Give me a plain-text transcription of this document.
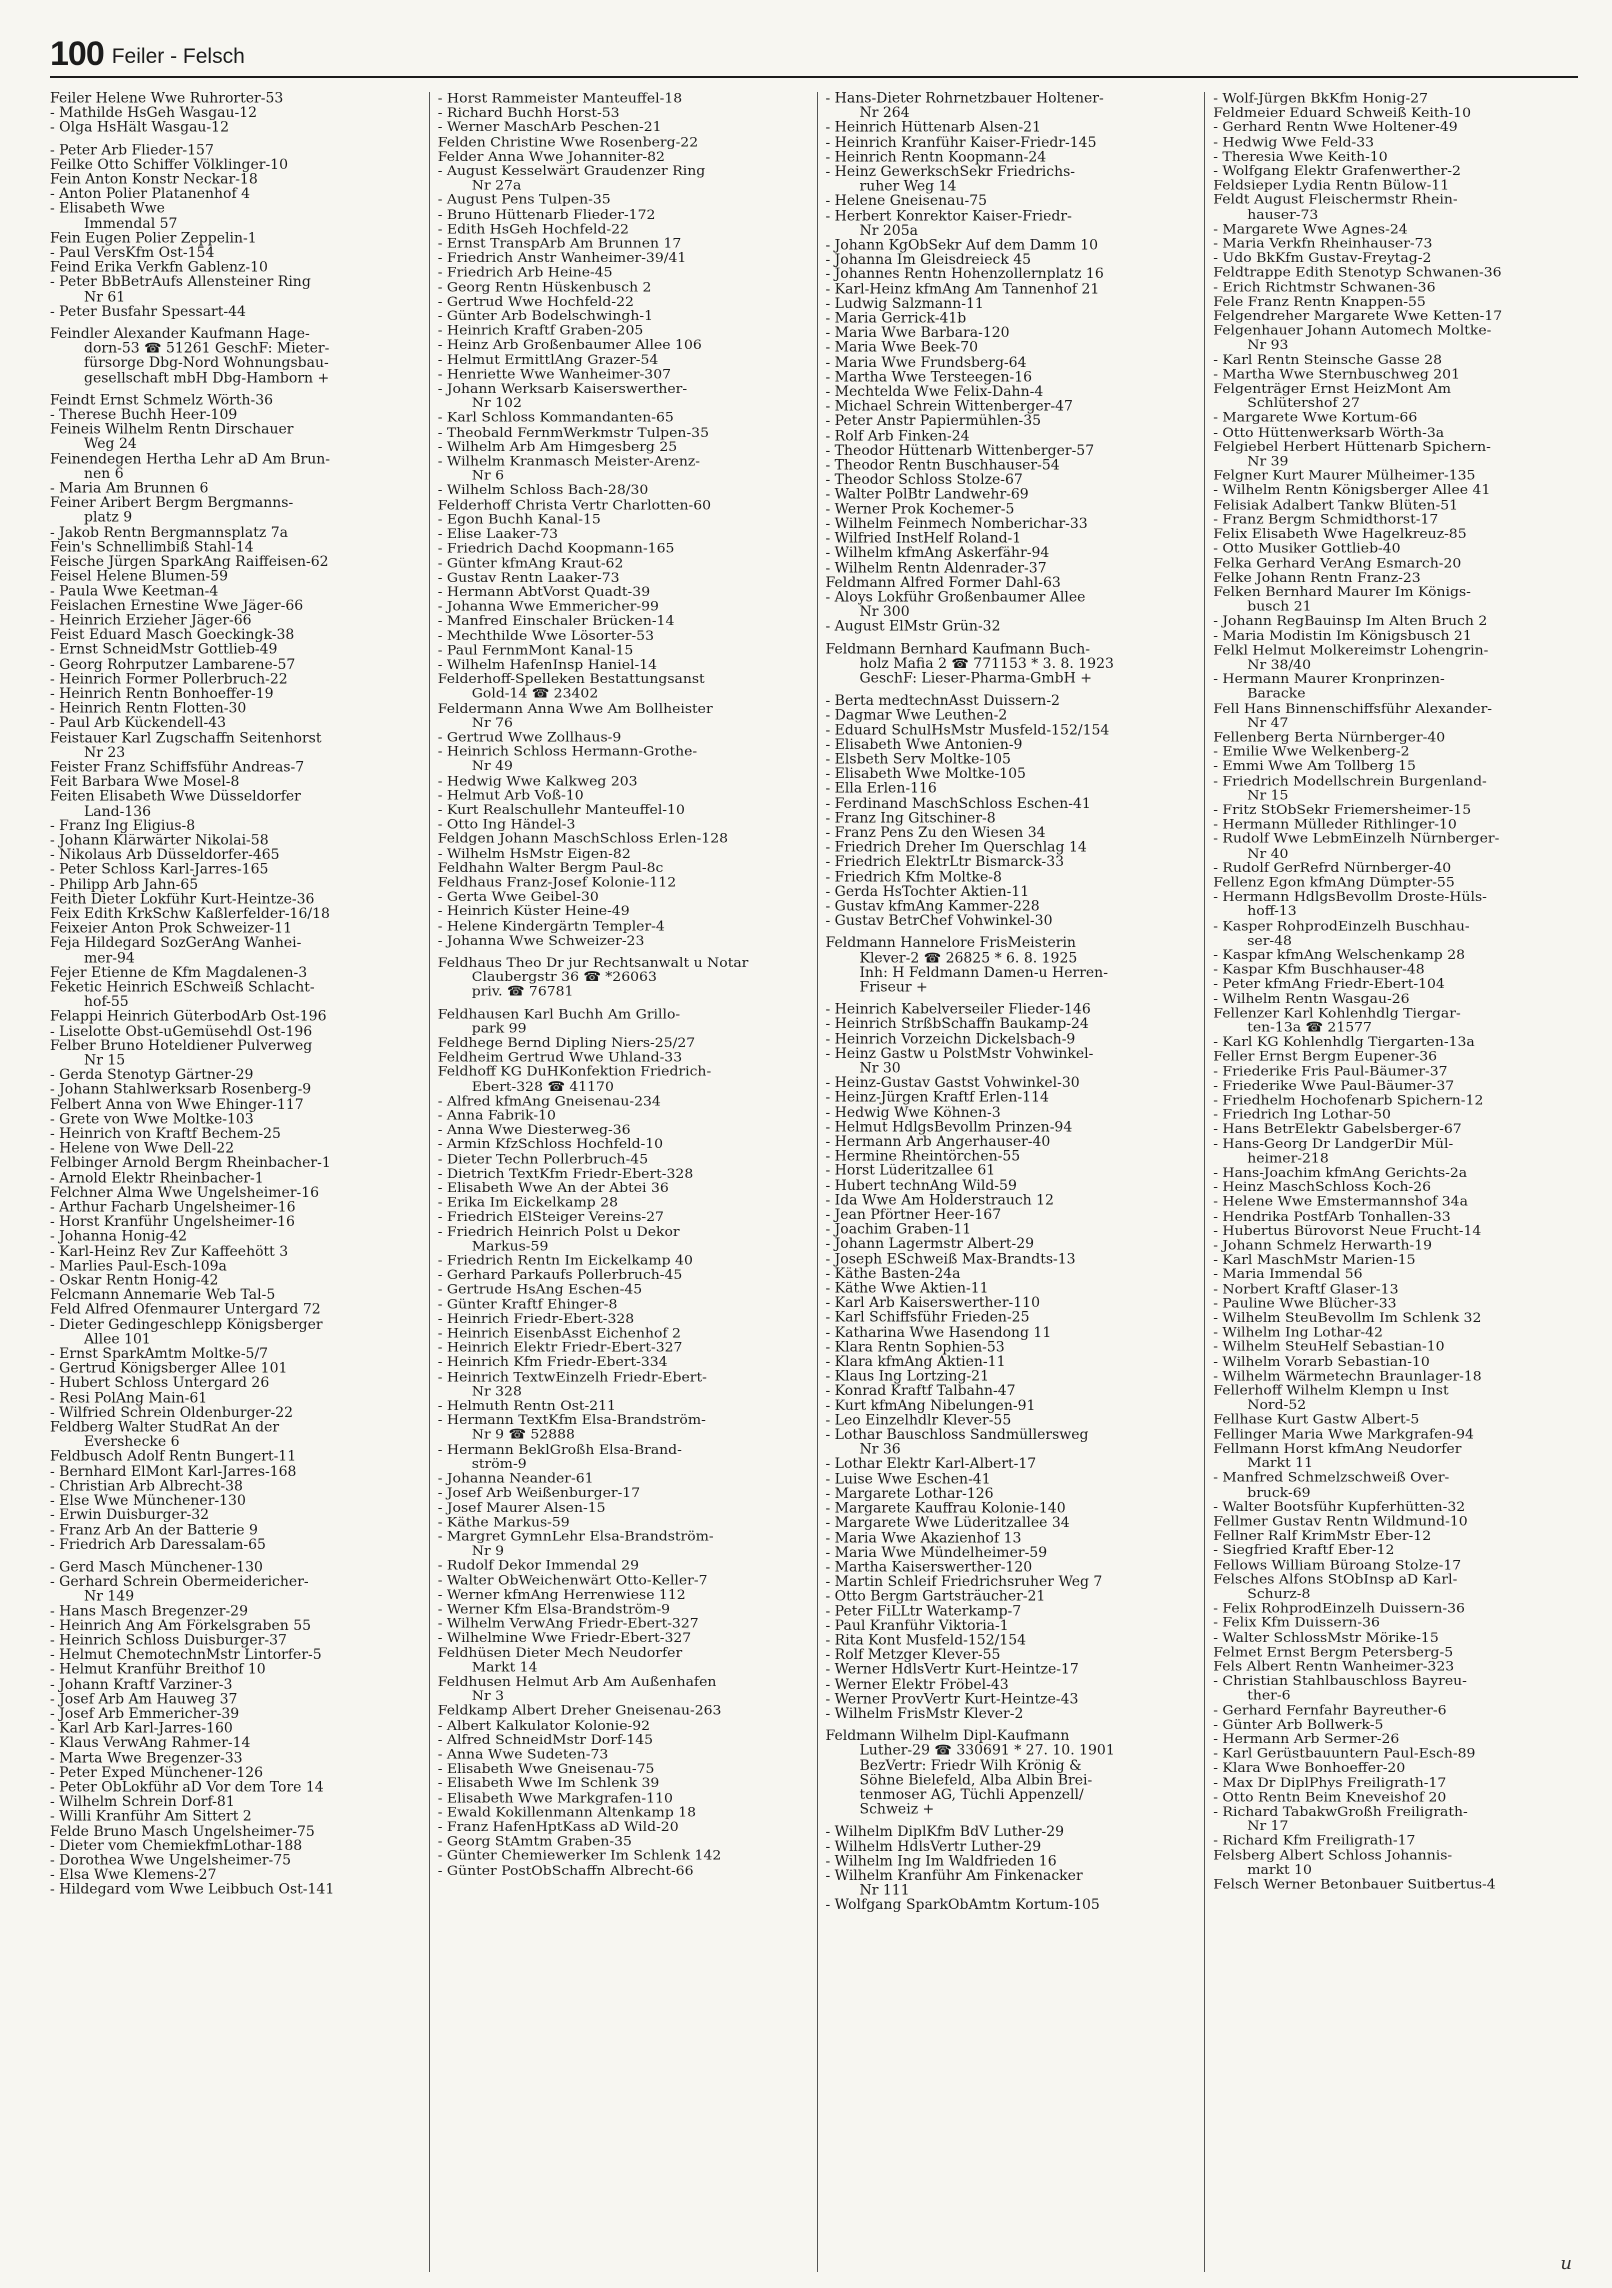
100 Feiler - Felsch
Feiler Helene Wwe Ruhrorter-53
- Mathilde HsGeh Wasgau-12
- Olga HsHält Wasgau-12
- Peter Arb Flieder-157
Feilke Otto Schiffer Völklinger-10
Fein Anton Konstr Neckar-18
- Anton Polier Platanenhof 4
- Elisabeth Wwe
Immendal 57
Fein Eugen Polier Zeppelin-1
- Paul VersKfm Ost-154
Feind Erika Verkfn Gablenz-10
- Peter BbBetrAufs Allensteiner Ring
Nr 61
- Peter Busfahr Spessart-44
Feindler Alexander Kaufmann Hage-
dorn-53 ☎ 51261 GeschF: Mieter-
fürsorge Dbg-Nord Wohnungsbau-
gesellschaft mbH Dbg-Hamborn +
Feindt Ernst Schmelz Wörth-36
- Therese Buchh Heer-109
Feineis Wilhelm Rentn Dirschauer
Weg 24
Feinendegen Hertha Lehr aD Am Brun-
nen 6
- Maria Am Brunnen 6
Feiner Aribert Bergm Bergmanns-
platz 9
- Jakob Rentn Bergmannsplatz 7a
Fein's Schnellimbiß Stahl-14
Feische Jürgen SparkAng Raiffeisen-62
Feisel Helene Blumen-59
- Paula Wwe Keetman-4
Feislachen Ernestine Wwe Jäger-66
- Heinrich Erzieher Jäger-66
Feist Eduard Masch Goeckingk-38
- Ernst SchneidMstr Gottlieb-49
- Georg Rohrputzer Lambarene-57
- Heinrich Former Pollerbruch-22
- Heinrich Rentn Bonhoeffer-19
- Heinrich Rentn Flotten-30
- Paul Arb Kückendell-43
Feistauer Karl Zugschaffn Seitenhorst
Nr 23
Feister Franz Schiffsführ Andreas-7
Feit Barbara Wwe Mosel-8
Feiten Elisabeth Wwe Düsseldorfer
Land-136
- Franz Ing Eligius-8
- Johann Klärwärter Nikolai-58
- Nikolaus Arb Düsseldorfer-465
- Peter Schloss Karl-Jarres-165
- Philipp Arb Jahn-65
Feith Dieter Lokführ Kurt-Heintze-36
Feix Edith KrkSchw Kaßlerfelder-16/18
Feixeier Anton Prok Schweizer-11
Feja Hildegard SozGerAng Wanhei-
mer-94
Fejer Etienne de Kfm Magdalenen-3
Feketic Heinrich ESchweiß Schlacht-
hof-55
Felappi Heinrich GüterbodArb Ost-196
- Liselotte Obst-uGemüsehdl Ost-196
Felber Bruno Hoteldiener Pulverweg
Nr 15
- Gerda Stenotyp Gärtner-29
- Johann Stahlwerksarb Rosenberg-9
Felbert Anna von Wwe Ehinger-117
- Grete von Wwe Moltke-103
- Heinrich von Kraftf Bechem-25
- Helene von Wwe Dell-22
Felbinger Arnold Bergm Rheinbacher-1
- Arnold Elektr Rheinbacher-1
Felchner Alma Wwe Ungelsheimer-16
- Arthur Facharb Ungelsheimer-16
- Horst Kranführ Ungelsheimer-16
- Johanna Honig-42
- Karl-Heinz Rev Zur Kaffeehött 3
- Marlies Paul-Esch-109a
- Oskar Rentn Honig-42
Felcmann Annemarie Web Tal-5
Feld Alfred Ofenmaurer Untergard 72
- Dieter Gedingeschlepp Königsberger
Allee 101
- Ernst SparkAmtm Moltke-5/7
- Gertrud Königsberger Allee 101
- Hubert Schloss Untergard 26
- Resi PolAng Main-61
- Wilfried Schrein Oldenburger-22
Feldberg Walter StudRat An der
Evershecke 6
Feldbusch Adolf Rentn Bungert-11
- Bernhard ElMont Karl-Jarres-168
- Christian Arb Albrecht-38
- Else Wwe Münchener-130
- Erwin Duisburger-32
- Franz Arb An der Batterie 9
- Friedrich Arb Daressalam-65
- Gerd Masch Münchener-130
- Gerhard Schrein Obermeidericher-
Nr 149
- Hans Masch Bregenzer-29
- Heinrich Ang Am Förkelsgraben 55
- Heinrich Schloss Duisburger-37
- Helmut ChemotechnMstr Lintorfer-5
- Helmut Kranführ Breithof 10
- Johann Kraftf Varziner-3
- Josef Arb Am Hauweg 37
- Josef Arb Emmericher-39
- Karl Arb Karl-Jarres-160
- Klaus VerwAng Rahmer-14
- Marta Wwe Bregenzer-33
- Peter Exped Münchener-126
- Peter ObLokführ aD Vor dem Tore 14
- Wilhelm Schrein Dorf-81
- Willi Kranführ Am Sittert 2
Felde Bruno Masch Ungelsheimer-75
- Dieter vom ChemiekfmLothar-188
- Dorothea Wwe Ungelsheimer-75
- Elsa Wwe Klemens-27
- Hildegard vom Wwe Leibbuch Ost-141
- Horst Rammeister Manteuffel-18
- Richard Buchh Horst-53
- Werner MaschArb Peschen-21
Felden Christine Wwe Rosenberg-22
Felder Anna Wwe Johanniter-82
- August Kesselwärt Graudenzer Ring
Nr 27a
- August Pens Tulpen-35
- Bruno Hüttenarb Flieder-172
- Edith HsGeh Hochfeld-22
- Ernst TranspArb Am Brunnen 17
- Friedrich Anstr Wanheimer-39/41
- Friedrich Arb Heine-45
- Georg Rentn Hüskenbusch 2
- Gertrud Wwe Hochfeld-22
- Günter Arb Bodelschwingh-1
- Heinrich Kraftf Graben-205
- Heinz Arb Großenbaumer Allee 106
- Helmut ErmittlAng Grazer-54
- Henriette Wwe Wanheimer-307
- Johann Werksarb Kaiserswerther-
Nr 102
- Karl Schloss Kommandanten-65
- Theobald FernmWerkmstr Tulpen-35
- Wilhelm Arb Am Himgesberg 25
- Wilhelm Kranmasch Meister-Arenz-
Nr 6
- Wilhelm Schloss Bach-28/30
Felderhoff Christa Vertr Charlotten-60
- Egon Buchh Kanal-15
- Elise Laaker-73
- Friedrich Dachd Koopmann-165
- Günter kfmAng Kraut-62
- Gustav Rentn Laaker-73
- Hermann AbtVorst Quadt-39
- Johanna Wwe Emmericher-99
- Manfred Einschaler Brücken-14
- Mechthilde Wwe Lösorter-53
- Paul FernmMont Kanal-15
- Wilhelm HafenInsp Haniel-14
Felderhoff-Spelleken Bestattungsanst
Gold-14 ☎ 23402
Feldermann Anna Wwe Am Bollheister
Nr 76
- Gertrud Wwe Zollhaus-9
- Heinrich Schloss Hermann-Grothe-
Nr 49
- Hedwig Wwe Kalkweg 203
- Helmut Arb Voß-10
- Kurt Realschullehr Manteuffel-10
- Otto Ing Händel-3
Feldgen Johann MaschSchloss Erlen-128
- Wilhelm HsMstr Eigen-82
Feldhahn Walter Bergm Paul-8c
Feldhaus Franz-Josef Kolonie-112
- Gerta Wwe Geibel-30
- Heinrich Küster Heine-49
- Helene Kindergärtn Templer-4
- Johanna Wwe Schweizer-23
Feldhaus Theo Dr jur Rechtsanwalt u Notar
Claubergstr 36 ☎ *26063
priv. ☎ 76781
Feldhausen Karl Buchh Am Grillo-
park 99
Feldhege Bernd Dipling Niers-25/27
Feldheim Gertrud Wwe Uhland-33
Feldhoff KG DuHKonfektion Friedrich-
Ebert-328 ☎ 41170
- Alfred kfmAng Gneisenau-234
- Anna Fabrik-10
- Anna Wwe Diesterweg-36
- Armin KfzSchloss Hochfeld-10
- Dieter Techn Pollerbruch-45
- Dietrich TextKfm Friedr-Ebert-328
- Elisabeth Wwe An der Abtei 36
- Erika Im Eickelkamp 28
- Friedrich ElSteiger Vereins-27
- Friedrich Heinrich Polst u Dekor
Markus-59
- Friedrich Rentn Im Eickelkamp 40
- Gerhard Parkaufs Pollerbruch-45
- Gertrude HsAng Eschen-45
- Günter Kraftf Ehinger-8
- Heinrich Friedr-Ebert-328
- Heinrich EisenbAsst Eichenhof 2
- Heinrich Elektr Friedr-Ebert-327
- Heinrich Kfm Friedr-Ebert-334
- Heinrich TextwEinzelh Friedr-Ebert-
Nr 328
- Helmuth Rentn Ost-211
- Hermann TextKfm Elsa-Brandström-
Nr 9 ☎ 52888
- Hermann BeklGroßh Elsa-Brand-
ström-9
- Johanna Neander-61
- Josef Arb Weißenburger-17
- Josef Maurer Alsen-15
- Käthe Markus-59
- Margret GymnLehr Elsa-Brandström-
Nr 9
- Rudolf Dekor Immendal 29
- Walter ObWeichenwärt Otto-Keller-7
- Werner kfmAng Herrenwiese 112
- Werner Kfm Elsa-Brandström-9
- Wilhelm VerwAng Friedr-Ebert-327
- Wilhelmine Wwe Friedr-Ebert-327
Feldhüsen Dieter Mech Neudorfer
Markt 14
Feldhusen Helmut Arb Am Außenhafen
Nr 3
Feldkamp Albert Dreher Gneisenau-263
- Albert Kalkulator Kolonie-92
- Alfred SchneidMstr Dorf-145
- Anna Wwe Sudeten-73
- Elisabeth Wwe Gneisenau-75
- Elisabeth Wwe Im Schlenk 39
- Elisabeth Wwe Markgrafen-110
- Ewald Kokillenmann Altenkamp 18
- Franz HafenHptKass aD Wild-20
- Georg StAmtm Graben-35
- Günter Chemiewerker Im Schlenk 142
- Günter PostObSchaffn Albrecht-66
- Hans-Dieter Rohrnetzbauer Holtener-
Nr 264
- Heinrich Hüttenarb Alsen-21
- Heinrich Kranführ Kaiser-Friedr-145
- Heinrich Rentn Koopmann-24
- Heinz GewerkschSekr Friedrichs-
ruher Weg 14
- Helene Gneisenau-75
- Herbert Konrektor Kaiser-Friedr-
Nr 205a
- Johann KgObSekr Auf dem Damm 10
- Johanna Im Gleisdreieck 45
- Johannes Rentn Hohenzollernplatz 16
- Karl-Heinz kfmAng Am Tannenhof 21
- Ludwig Salzmann-11
- Maria Gerrick-41b
- Maria Wwe Barbara-120
- Maria Wwe Beek-70
- Maria Wwe Frundsberg-64
- Martha Wwe Tersteegen-16
- Mechtelda Wwe Felix-Dahn-4
- Michael Schrein Wittenberger-47
- Peter Anstr Papiermühlen-35
- Rolf Arb Finken-24
- Theodor Hüttenarb Wittenberger-57
- Theodor Rentn Buschhauser-54
- Theodor Schloss Stolze-67
- Walter PolBtr Landwehr-69
- Werner Prok Kochemer-5
- Wilhelm Feinmech Nomberichar-33
- Wilfried InstHelf Roland-1
- Wilhelm kfmAng Askerfähr-94
- Wilhelm Rentn Aldenrader-37
Feldmann Alfred Former Dahl-63
- Aloys Lokführ Großenbaumer Allee
Nr 300
- August ElMstr Grün-32
Feldmann Bernhard Kaufmann Buch-
holz Mafia 2 ☎ 771153 * 3. 8. 1923
GeschF: Lieser-Pharma-GmbH +
- Berta medtechnAsst Duissern-2
- Dagmar Wwe Leuthen-2
- Eduard SchulHsMstr Musfeld-152/154
- Elisabeth Wwe Antonien-9
- Elsbeth Serv Moltke-105
- Elisabeth Wwe Moltke-105
- Ella Erlen-116
- Ferdinand MaschSchloss Eschen-41
- Franz Ing Gitschiner-8
- Franz Pens Zu den Wiesen 34
- Friedrich Dreher Im Querschlag 14
- Friedrich ElektrLtr Bismarck-33
- Friedrich Kfm Moltke-8
- Gerda HsTochter Aktien-11
- Gustav kfmAng Kammer-228
- Gustav BetrChef Vohwinkel-30
Feldmann Hannelore FrisMeisterin
Klever-2 ☎ 26825 * 6. 8. 1925
Inh: H Feldmann Damen-u Herren-
Friseur +
- Heinrich Kabelverseiler Flieder-146
- Heinrich StrßbSchaffn Baukamp-24
- Heinrich Vorzeichn Dickelsbach-9
- Heinz Gastw u PolstMstr Vohwinkel-
Nr 30
- Heinz-Gustav Gastst Vohwinkel-30
- Heinz-Jürgen Kraftf Erlen-114
- Hedwig Wwe Köhnen-3
- Helmut HdlgsBevollm Prinzen-94
- Hermann Arb Angerhauser-40
- Hermine Rheintörchen-55
- Horst Lüderitzallee 61
- Hubert technAng Wild-59
- Ida Wwe Am Holderstrauch 12
- Jean Pförtner Heer-167
- Joachim Graben-11
- Johann Lagermstr Albert-29
- Joseph ESchweiß Max-Brandts-13
- Käthe Basten-24a
- Käthe Wwe Aktien-11
- Karl Arb Kaiserswerther-110
- Karl Schiffsführ Frieden-25
- Katharina Wwe Hasendong 11
- Klara Rentn Sophien-53
- Klara kfmAng Aktien-11
- Klaus Ing Lortzing-21
- Konrad Kraftf Talbahn-47
- Kurt kfmAng Nibelungen-91
- Leo Einzelhdlr Klever-55
- Lothar Bauschloss Sandmüllersweg
Nr 36
- Lothar Elektr Karl-Albert-17
- Luise Wwe Eschen-41
- Margarete Lothar-126
- Margarete Kauffrau Kolonie-140
- Margarete Wwe Lüderitzallee 34
- Maria Wwe Akazienhof 13
- Maria Wwe Mündelheimer-59
- Martha Kaiserswerther-120
- Martin Schleif Friedrichsruher Weg 7
- Otto Bergm Gartsträucher-21
- Peter FiLLtr Waterkamp-7
- Paul Kranführ Viktoria-1
- Rita Kont Musfeld-152/154
- Rolf Metzger Klever-55
- Werner HdlsVertr Kurt-Heintze-17
- Werner Elektr Fröbel-43
- Werner ProvVertr Kurt-Heintze-43
- Wilhelm FrisMstr Klever-2
Feldmann Wilhelm Dipl-Kaufmann
Luther-29 ☎ 330691 * 27. 10. 1901
BezVertr: Friedr Wilh Krönig &
Söhne Bielefeld, Alba Albin Brei-
tenmoser AG, Tüchli Appenzell/
Schweiz +
- Wilhelm DiplKfm BdV Luther-29
- Wilhelm HdlsVertr Luther-29
- Wilhelm Ing Im Waldfrieden 16
- Wilhelm Kranführ Am Finkenacker
Nr 111
- Wolfgang SparkObAmtm Kortum-105
- Wolf-Jürgen BkKfm Honig-27
Feldmeier Eduard Schweiß Keith-10
- Gerhard Rentn Wwe Holtener-49
- Hedwig Wwe Feld-33
- Theresia Wwe Keith-10
- Wolfgang Elektr Grafenwerther-2
Feldsieper Lydia Rentn Bülow-11
Feldt August Fleischermstr Rhein-
hauser-73
- Margarete Wwe Agnes-24
- Maria Verkfn Rheinhauser-73
- Udo BkKfm Gustav-Freytag-2
Feldtrappe Edith Stenotyp Schwanen-36
- Erich Richtmstr Schwanen-36
Fele Franz Rentn Knappen-55
Felgendreher Margarete Wwe Ketten-17
Felgenhauer Johann Automech Moltke-
Nr 93
- Karl Rentn Steinsche Gasse 28
- Martha Wwe Sternbuschweg 201
Felgenträger Ernst HeizMont Am
Schlütershof 27
- Margarete Wwe Kortum-66
- Otto Hüttenwerksarb Wörth-3a
Felgiebel Herbert Hüttenarb Spichern-
Nr 39
Felgner Kurt Maurer Mülheimer-135
- Wilhelm Rentn Königsberger Allee 41
Felisiak Adalbert Tankw Blüten-51
- Franz Bergm Schmidthorst-17
Felix Elisabeth Wwe Hagelkreuz-85
- Otto Musiker Gottlieb-40
Felka Gerhard VerAng Esmarch-20
Felke Johann Rentn Franz-23
Felken Bernhard Maurer Im Königs-
busch 21
- Johann RegBauinsp Im Alten Bruch 2
- Maria Modistin Im Königsbusch 21
Felkl Helmut Molkereimstr Lohengrin-
Nr 38/40
- Hermann Maurer Kronprinzen-
Baracke
Fell Hans Binnenschiffsführ Alexander-
Nr 47
Fellenberg Berta Nürnberger-40
- Emilie Wwe Welkenberg-2
- Emmi Wwe Am Tollberg 15
- Friedrich Modellschrein Burgenland-
Nr 15
- Fritz StObSekr Friemersheimer-15
- Hermann Mülleder Rithlinger-10
- Rudolf Wwe LebmEinzelh Nürnberger-
Nr 40
- Rudolf GerRefrd Nürnberger-40
Fellenz Egon kfmAng Dümpter-55
- Hermann HdlgsBevollm Droste-Hüls-
hoff-13
- Kasper RohprodEinzelh Buschhau-
ser-48
- Kaspar kfmAng Welschenkamp 28
- Kaspar Kfm Buschhauser-48
- Peter kfmAng Friedr-Ebert-104
- Wilhelm Rentn Wasgau-26
Fellenzer Karl Kohlenhdlg Tiergar-
ten-13a ☎ 21577
- Karl KG Kohlenhdlg Tiergarten-13a
Feller Ernst Bergm Eupener-36
- Friederike Fris Paul-Bäumer-37
- Friederike Wwe Paul-Bäumer-37
- Friedhelm Hochofenarb Spichern-12
- Friedrich Ing Lothar-50
- Hans BetrElektr Gabelsberger-67
- Hans-Georg Dr LandgerDir Mül-
heimer-218
- Hans-Joachim kfmAng Gerichts-2a
- Heinz MaschSchloss Koch-26
- Helene Wwe Emstermannshof 34a
- Hendrika PostfArb Tonhallen-33
- Hubertus Bürovorst Neue Frucht-14
- Johann Schmelz Herwarth-19
- Karl MaschMstr Marien-15
- Maria Immendal 56
- Norbert Kraftf Glaser-13
- Pauline Wwe Blücher-33
- Wilhelm SteuBevollm Im Schlenk 32
- Wilhelm Ing Lothar-42
- Wilhelm SteuHelf Sebastian-10
- Wilhelm Vorarb Sebastian-10
- Wilhelm Wärmetechn Braunlager-18
Fellerhoff Wilhelm Klempn u Inst
Nord-52
Fellhase Kurt Gastw Albert-5
Fellinger Maria Wwe Markgrafen-94
Fellmann Horst kfmAng Neudorfer
Markt 11
- Manfred Schmelzschweiß Over-
bruck-69
- Walter Bootsführ Kupferhütten-32
Fellmer Gustav Rentn Wildmund-10
Fellner Ralf KrimMstr Eber-12
- Siegfried Kraftf Eber-12
Fellows William Büroang Stolze-17
Felsches Alfons StObInsp aD Karl-
Schurz-8
- Felix RohprodEinzelh Duissern-36
- Felix Kfm Duissern-36
- Walter SchlossMstr Mörike-15
Felmet Ernst Bergm Petersberg-5
Fels Albert Rentn Wanheimer-323
- Christian Stahlbauschloss Bayreu-
ther-6
- Gerhard Fernfahr Bayreuther-6
- Günter Arb Bollwerk-5
- Hermann Arb Sermer-26
- Karl Gerüstbauuntern Paul-Esch-89
- Klara Wwe Bonhoeffer-20
- Max Dr DiplPhys Freiligrath-17
- Otto Rentn Beim Kneveishof 20
- Richard TabakwGroßh Freiligrath-
Nr 17
- Richard Kfm Freiligrath-17
Felsberg Albert Schloss Johannis-
markt 10
Felsch Werner Betonbauer Suitbertus-4
u
